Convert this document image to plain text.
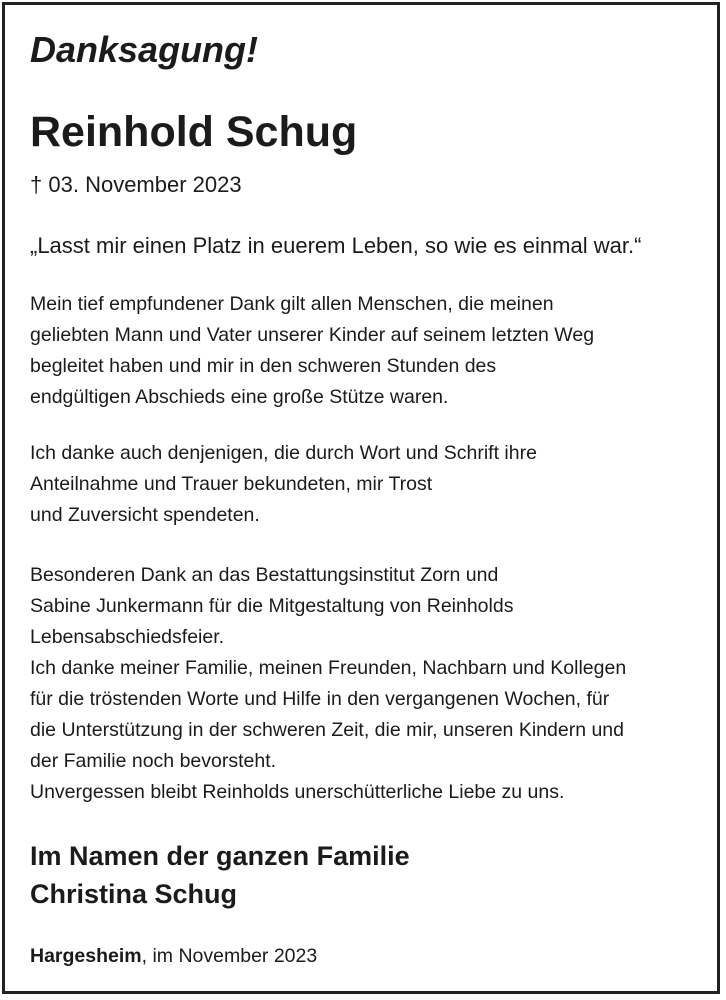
Danksagung!
Reinhold Schug
† 03. November 2023
„Lasst mir einen Platz in euerem Leben, so wie es einmal war.“
Mein tief empfundener Dank gilt allen Menschen, die meinen
geliebten Mann und Vater unserer Kinder auf seinem letzten Weg
begleitet haben und mir in den schweren Stunden des
endgültigen Abschieds eine große Stütze waren.
Ich danke auch denjenigen, die durch Wort und Schrift ihre
Anteilnahme und Trauer bekundeten, mir Trost
und Zuversicht spendeten.
Besonderen Dank an das Bestattungsinstitut Zorn und
Sabine Junkermann für die Mitgestaltung von Reinholds
Lebensabschiedsfeier.
Ich danke meiner Familie, meinen Freunden, Nachbarn und Kollegen
für die tröstenden Worte und Hilfe in den vergangenen Wochen, für
die Unterstützung in der schweren Zeit, die mir, unseren Kindern und
der Familie noch bevorsteht.
Unvergessen bleibt Reinholds unerschütterliche Liebe zu uns.
Im Namen der ganzen Familie
Christina Schug
Hargesheim, im November 2023
